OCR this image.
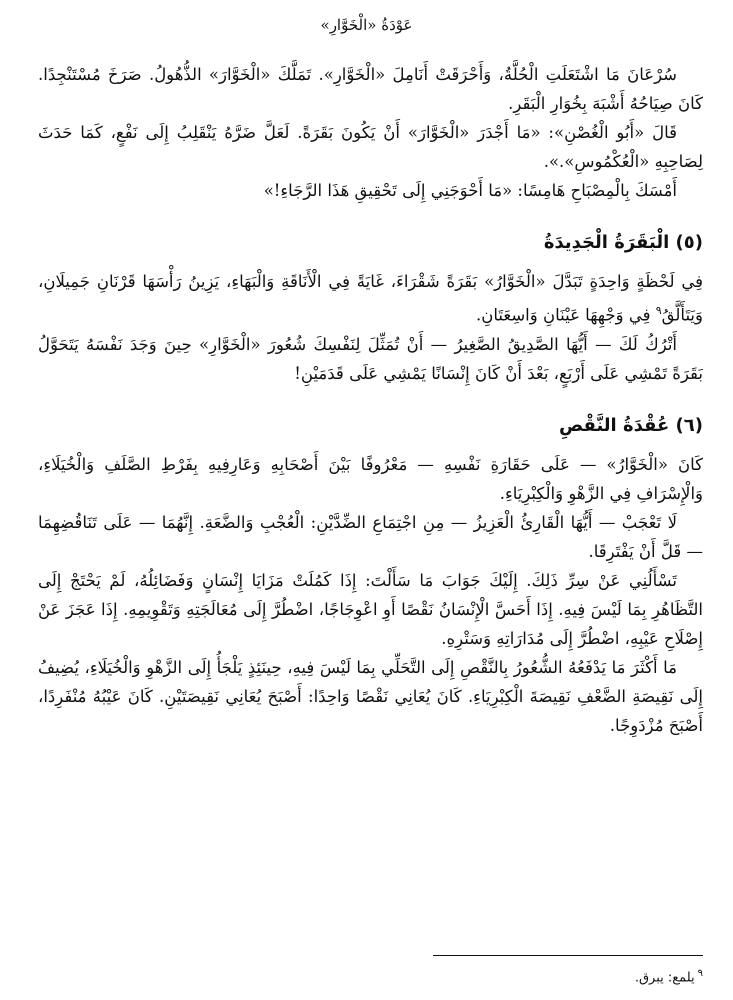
عَوْدَةُ «الْخَوَّارِ»

سُرْعَانَ مَا اشْتَعَلَتِ الْحُلَّةُ، وَأَحْرَقَتْ أَنَامِلَ «الْخَوَّارِ». تَمَلَّكَ «الْخَوَّارَ» الذُّهُولُ. صَرَخَ مُسْتَنْجِدًا. كَانَ صِيَاحُهُ أَشْبَهَ بِخُوَارِ الْبَقَرِ.

قَالَ «أَبُو الْغُصْنِ»: «مَا أَجْدَرَ «الْخَوَّارَ» أَنْ يَكُونَ بَقَرَةً. لَعَلَّ ضَرَّهُ يَنْقَلِبُ إِلَى نَفْعٍ، كَمَا حَدَثَ لِصَاحِبِهِ «الْعُكْمُوسِ».».

أَمْسَكَ بِالْمِصْبَاحِ هَامِسًا: «مَا أَحْوَجَنِي إِلَى تَحْقِيقِ هَذَا الرَّجَاءِ!»

(٥) الْبَقَرَةُ الْجَدِيدَةُ

فِي لَحْظَةٍ وَاحِدَةٍ تَبَدَّلَ «الْخَوَّارُ» بَقَرَةً شَقْرَاءَ، غَايَةً فِي الْأَنَاقَةِ وَالْبَهَاءِ، يَزِينُ رَأْسَهَا قَرْنَانِ جَمِيلَانِ، وَيَتَأَلَّقُ$^٩$ فِي وَجْهِهَا عَيْنَانِ وَاسِعَتَانِ.

أَتْرُكُ لَكَ — أَيُّهَا الصَّدِيقُ الصَّغِيرُ — أَنْ تُمَثِّلَ لِنَفْسِكَ شُعُورَ «الْخَوَّارِ» حِينَ وَجَدَ نَفْسَهُ يَتَحَوَّلُ بَقَرَةً تَمْشِي عَلَى أَرْبَعٍ، بَعْدَ أَنْ كَانَ إِنْسَانًا يَمْشِي عَلَى قَدَمَيْنِ!

(٦) عُقْدَةُ النَّقْصِ

كَانَ «الْخَوَّارُ» — عَلَى حَقَارَةِ نَفْسِهِ — مَعْرُوفًا بَيْنَ أَصْحَابِهِ وَعَارِفِيهِ بِفَرْطِ الصَّلَفِ وَالْخُيَلَاءِ، وَالْإِسْرَافِ فِي الزَّهْوِ وَالْكِبْرِيَاءِ.

لَا تَعْجَبْ — أَيُّهَا الْقَارِئُ الْعَزِيزُ — مِنِ اجْتِمَاعِ الضِّدَّيْنِ: الْعُجْبِ وَالضَّعَةِ. إِنَّهُمَا — عَلَى تَنَاقُضِهِمَا — قَلَّ أَنْ يَفْتَرِقَا.

تَسْأَلُنِي عَنْ سِرِّ ذَلِكَ. إِلَيْكَ جَوَابَ مَا سَأَلْتَ: إِذَا كَمُلَتْ مَزَايَا إِنْسَانٍ وَفَضَائِلُهُ، لَمْ يَحْتَجْ إِلَى التَّظَاهُرِ بِمَا لَيْسَ فِيهِ. إِذَا أَحَسَّ الْإِنْسَانُ نَقْصًا أَوِ اعْوِجَاجًا، اضْطُرَّ إِلَى مُعَالَجَتِهِ وَتَقْوِيمِهِ. إِذَا عَجَزَ عَنْ إِصْلَاحِ عَيْبِهِ، اضْطُرَّ إِلَى مُدَارَاتِهِ وَسَتْرِهِ.

مَا أَكْثَرَ مَا يَدْفَعُهُ الشُّعُورُ بِالنَّقْصِ إِلَى التَّحَلِّي بِمَا لَيْسَ فِيهِ، حِينَئِذٍ يَلْجَأُ إِلَى الزَّهْوِ وَالْخُيَلَاءِ، يُضِيفُ إِلَى نَقِيصَةِ الضَّعْفِ نَقِيصَةَ الْكِبْرِيَاءِ. كَانَ يُعَانِي نَقْصًا وَاحِدًا: أَصْبَحَ يُعَانِي نَقِيصَتَيْنِ. كَانَ عَيْبُهُ مُنْفَرِدًا، أَصْبَحَ مُزْدَوِجًا.

$^٩$يلمع: يبرق.
